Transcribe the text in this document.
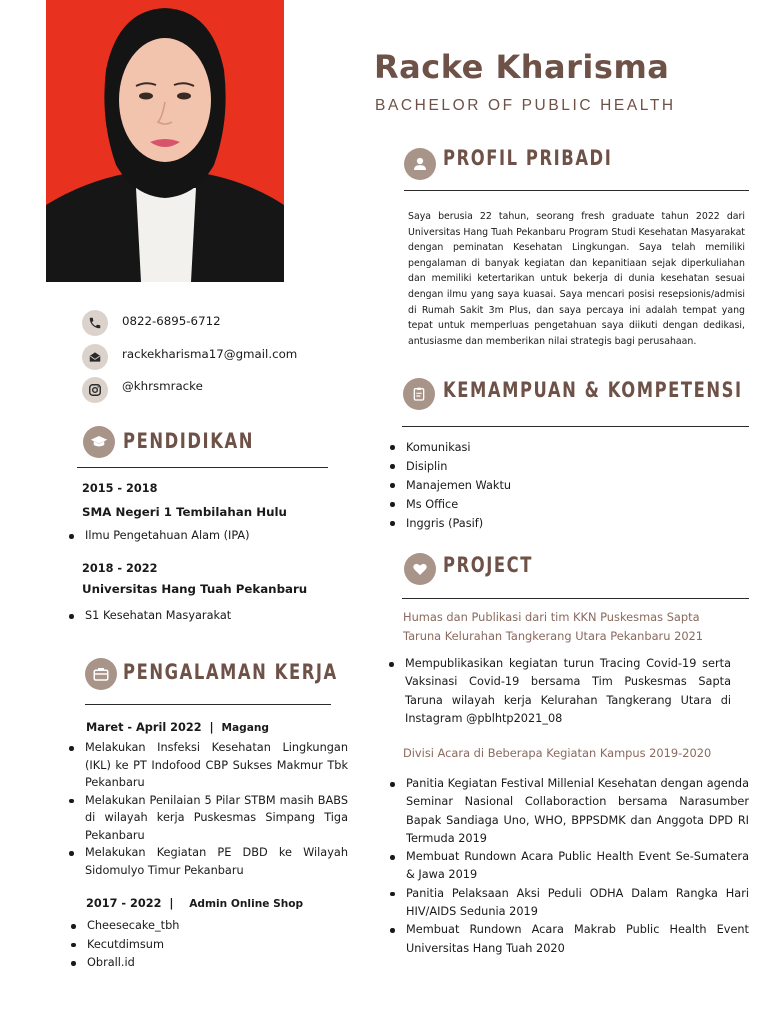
Racke Kharisma
BACHELOR OF PUBLIC HEALTH
0822-6895-6712
rackekharisma17@gmail.com
@khrsmracke
PENDIDIKAN
2015 - 2018
SMA Negeri 1 Tembilahan Hulu
Ilmu Pengetahuan Alam (IPA)
2018 - 2022
Universitas Hang Tuah Pekanbaru
S1 Kesehatan Masyarakat
PENGALAMAN KERJA
Maret - April 2022 | Magang
Melakukan Insfeksi Kesehatan Lingkungan (IKL) ke PT Indofood CBP Sukses Makmur Tbk Pekanbaru
Melakukan Penilaian 5 Pilar STBM masih BABS di wilayah kerja Puskesmas Simpang Tiga Pekanbaru
Melakukan Kegiatan PE DBD ke Wilayah Sidomulyo Timur Pekanbaru
2017 - 2022 | Admin Online Shop
Cheesecake_tbh
Kecutdimsum
Obrall.id
PROFIL PRIBADI
Saya berusia 22 tahun, seorang fresh graduate tahun 2022 dari Universitas Hang Tuah Pekanbaru Program Studi Kesehatan Masyarakat dengan peminatan Kesehatan Lingkungan. Saya telah memiliki pengalaman di banyak kegiatan dan kepanitiaan sejak diperkuliahan dan memiliki ketertarikan untuk bekerja di dunia kesehatan sesuai dengan ilmu yang saya kuasai. Saya mencari posisi resepsionis/admisi di Rumah Sakit 3m Plus, dan saya percaya ini adalah tempat yang tepat untuk memperluas pengetahuan saya diikuti dengan dedikasi, antusiasme dan memberikan nilai strategis bagi perusahaan.
KEMAMPUAN & KOMPETENSI
Komunikasi
Disiplin
Manajemen Waktu
Ms Office
Inggris (Pasif)
PROJECT
Humas dan Publikasi dari tim KKN Puskesmas Sapta Taruna Kelurahan Tangkerang Utara Pekanbaru 2021
Mempublikasikan kegiatan turun Tracing Covid-19 serta Vaksinasi Covid-19 bersama Tim Puskesmas Sapta Taruna wilayah kerja Kelurahan Tangkerang Utara di Instagram @pblhtp2021_08
Divisi Acara di Beberapa Kegiatan Kampus 2019-2020
Panitia Kegiatan Festival Millenial Kesehatan dengan agenda Seminar Nasional Collaboraction bersama Narasumber Bapak Sandiaga Uno, WHO, BPPSDMK dan Anggota DPD RI Termuda 2019
Membuat Rundown Acara Public Health Event Se-Sumatera & Jawa 2019
Panitia Pelaksaan Aksi Peduli ODHA Dalam Rangka Hari HIV/AIDS Sedunia 2019
Membuat Rundown Acara Makrab Public Health Event Universitas Hang Tuah 2020
